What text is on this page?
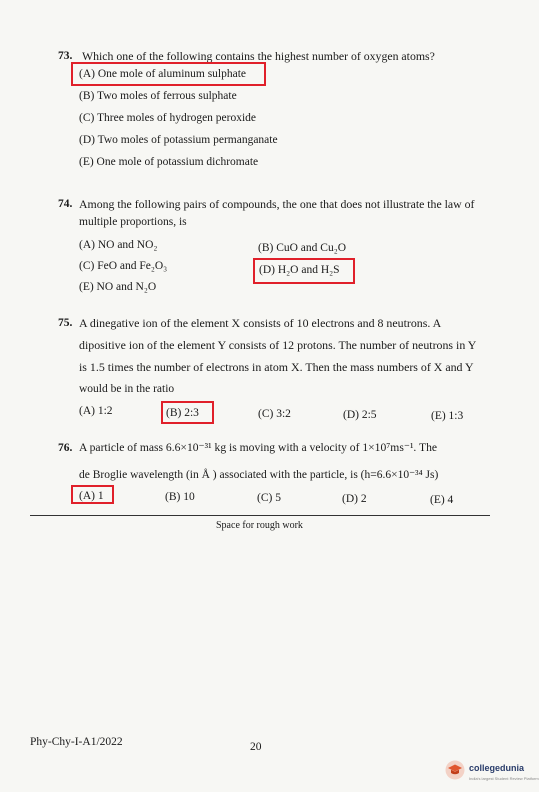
73. Which one of the following contains the highest number of oxygen atoms?
(A) One mole of aluminum sulphate
(B) Two moles of ferrous sulphate
(C) Three moles of hydrogen peroxide
(D) Two moles of potassium permanganate
(E) One mole of potassium dichromate
74. Among the following pairs of compounds, the one that does not illustrate the law of
multiple proportions, is
(A) NO and NO₂	(B) CuO and Cu₂O
(C) FeO and Fe₂O₃	(D) H₂O and H₂S
(E) NO and N₂O
75. A dinegative ion of the element X consists of 10 electrons and 8 neutrons. A
dipositive ion of the element Y consists of 12 protons. The number of neutrons in Y
is 1.5 times the number of electrons in atom X. Then the mass numbers of X and Y
would be in the ratio
(A) 1:2	(B) 2:3	(C) 3:2	(D) 2:5	(E) 1:3
76. A particle of mass 6.6×10⁻³¹ kg is moving with a velocity of 1×10⁷ms⁻¹. The
de Broglie wavelength (in Å ) associated with the particle, is (h=6.6×10⁻³⁴ Js)
(A) 1	(B) 10	(C) 5	(D) 2	(E) 4
Space for rough work
Phy-Chy-I-A1/2022	20
collegedunia
India's largest Student Review Platform
